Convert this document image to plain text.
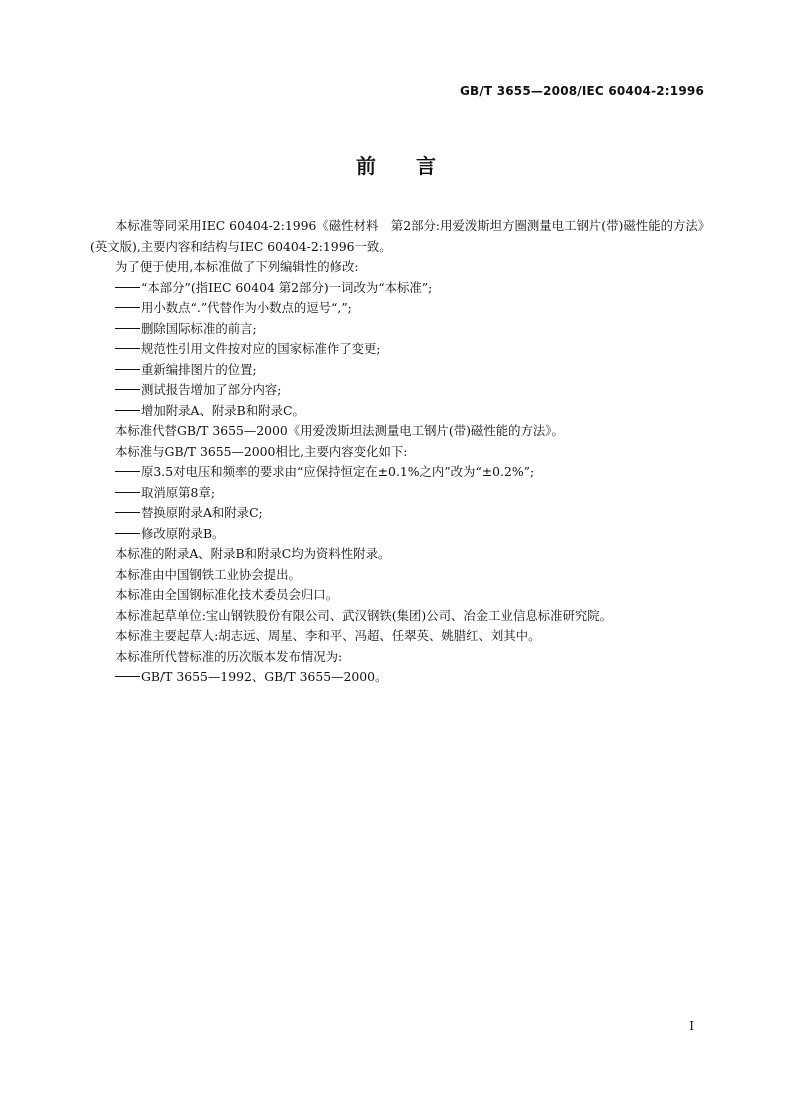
GB/T 3655—2008/IEC 60404-2:1996
前言

本标准等同采用IEC 60404-2:1996《磁性材料　第2部分:用爱泼斯坦方圈测量电工钢片(带)磁性能的方法》(英文版),主要内容和结构与IEC 60404-2:1996一致。

为了便于使用,本标准做了下列编辑性的修改:

“本部分”(指IEC 60404 第2部分)一词改为“本标准”;

用小数点“.”代替作为小数点的逗号“,”;

删除国际标准的前言;

规范性引用文件按对应的国家标准作了变更;

重新编排图片的位置;

测试报告增加了部分内容;

增加附录A、附录B和附录C。

本标准代替GB/T 3655—2000《用爱泼斯坦法测量电工钢片(带)磁性能的方法》。

本标准与GB/T 3655—2000相比,主要内容变化如下:

原3.5对电压和频率的要求由“应保持恒定在±0.1%之内”改为“±0.2%”;

取消原第8章;

替换原附录A和附录C;

修改原附录B。

本标准的附录A、附录B和附录C均为资料性附录。

本标准由中国钢铁工业协会提出。

本标准由全国钢标准化技术委员会归口。

本标准起草单位:宝山钢铁股份有限公司、武汉钢铁(集团)公司、冶金工业信息标准研究院。

本标准主要起草人:胡志远、周星、李和平、冯超、任翠英、姚腊红、刘其中。

本标准所代替标准的历次版本发布情况为:

GB/T 3655—1992、GB/T 3655—2000。

I
